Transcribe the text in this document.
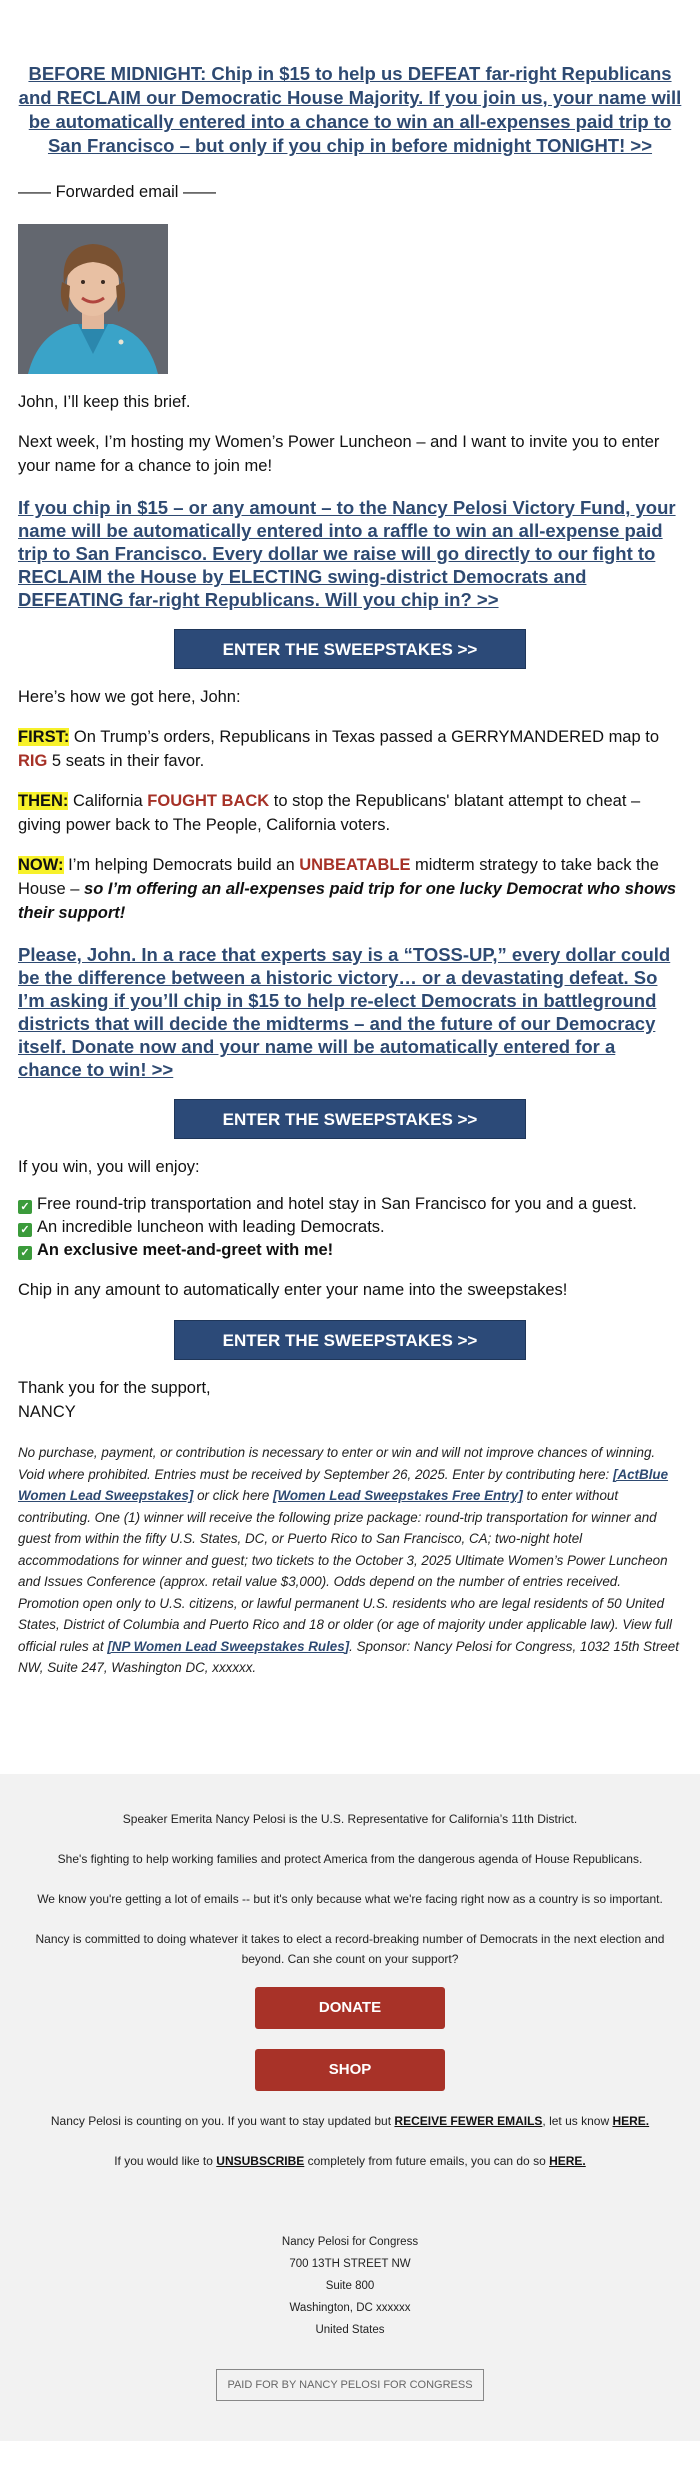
BEFORE MIDNIGHT: Chip in $15 to help us DEFEAT far-right Republicans and RECLAIM our Democratic House Majority. If you join us, your name will be automatically entered into a chance to win an all-expenses paid trip to San Francisco – but only if you chip in before midnight TONIGHT! >>
—— Forwarded email ——

John, I’ll keep this brief.

Next week, I’m hosting my Women’s Power Luncheon – and I want to invite you to enter your name for a chance to join me!

If you chip in $15 – or any amount – to the Nancy Pelosi Victory Fund, your name will be automatically entered into a raffle to win an all-expense paid trip to San Francisco. Every dollar we raise will go directly to our fight to RECLAIM the House by ELECTING swing-district Democrats and DEFEATING far-right Republicans. Will you chip in? >>
ENTER THE SWEEPSTAKES >>

Here’s how we got here, John:

FIRST: On Trump’s orders, Republicans in Texas passed a GERRYMANDERED map to RIG 5 seats in their favor.

THEN: California FOUGHT BACK to stop the Republicans' blatant attempt to cheat – giving power back to The People, California voters.

NOW: I’m helping Democrats build an UNBEATABLE midterm strategy to take back the House – so I’m offering an all-expenses paid trip for one lucky Democrat who shows their support!

Please, John. In a race that experts say is a “TOSS-UP,” every dollar could be the difference between a historic victory… or a devastating defeat. So I’m asking if you’ll chip in $15 to help re-elect Democrats in battleground districts that will decide the midterms – and the future of our Democracy itself. Donate now and your name will be automatically entered for a chance to win! >>
ENTER THE SWEEPSTAKES >>

If you win, you will enjoy:

✓ Free round-trip transportation and hotel stay in San Francisco for you and a guest.
✓ An incredible luncheon with leading Democrats.
✓ An exclusive meet-and-greet with me!

Chip in any amount to automatically enter your name into the sweepstakes!

ENTER THE SWEEPSTAKES >>

Thank you for the support,
NANCY

No purchase, payment, or contribution is necessary to enter or win and will not improve chances of winning. Void where prohibited. Entries must be received by September 26, 2025. Enter by contributing here: [ActBlue Women Lead Sweepstakes] or click here [Women Lead Sweepstakes Free Entry] to enter without contributing. One (1) winner will receive the following prize package: round-trip transportation for winner and guest from within the fifty U.S. States, DC, or Puerto Rico to San Francisco, CA; two-night hotel accommodations for winner and guest; two tickets to the October 3, 2025 Ultimate Women’s Power Luncheon and Issues Conference (approx. retail value $3,000). Odds depend on the number of entries received. Promotion open only to U.S. citizens, or lawful permanent U.S. residents who are legal residents of 50 United States, District of Columbia and Puerto Rico and 18 or older (or age of majority under applicable law). View full official rules at [NP Women Lead Sweepstakes Rules]. Sponsor: Nancy Pelosi for Congress, 1032 15th Street NW, Suite 247, Washington DC, xxxxxx.

Speaker Emerita Nancy Pelosi is the U.S. Representative for California’s 11th District.

She's fighting to help working families and protect America from the dangerous agenda of House Republicans.

We know you're getting a lot of emails -- but it's only because what we're facing right now as a country is so important.

Nancy is committed to doing whatever it takes to elect a record-breaking number of Democrats in the next election and beyond. Can she count on your support?

DONATE
SHOP

Nancy Pelosi is counting on you. If you want to stay updated but RECEIVE FEWER EMAILS, let us know HERE.

If you would like to UNSUBSCRIBE completely from future emails, you can do so HERE.

Nancy Pelosi for Congress
700 13TH STREET NW
Suite 800
Washington, DC xxxxxx
United States
PAID FOR BY NANCY PELOSI FOR CONGRESS
